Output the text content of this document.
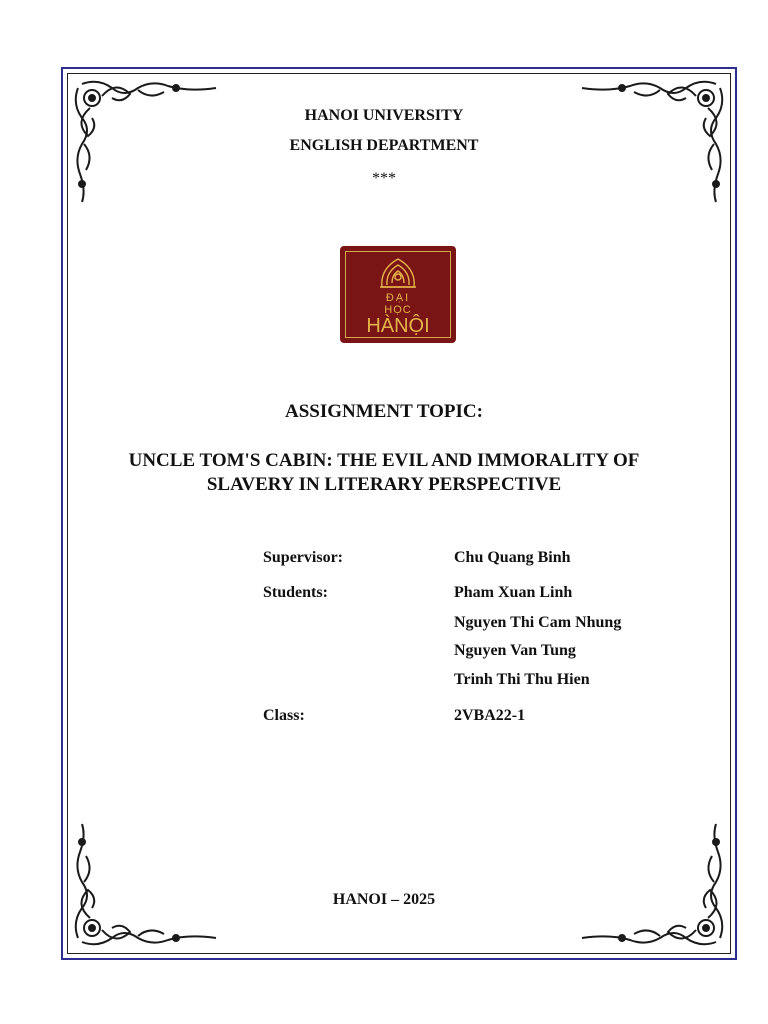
HANOI UNIVERSITY
ENGLISH DEPARTMENT
***
ĐẠI
HỌC
HÀNỘI
ASSIGNMENT TOPIC:
UNCLE TOM'S CABIN: THE EVIL AND IMMORALITY OF
SLAVERY IN LITERARY PERSPECTIVE
Supervisor:	Chu Quang Binh
Students:	Pham Xuan Linh
Nguyen Thi Cam Nhung
Nguyen Van Tung
Trinh Thi Thu Hien
Class:	2VBA22-1
HANOI – 2025
